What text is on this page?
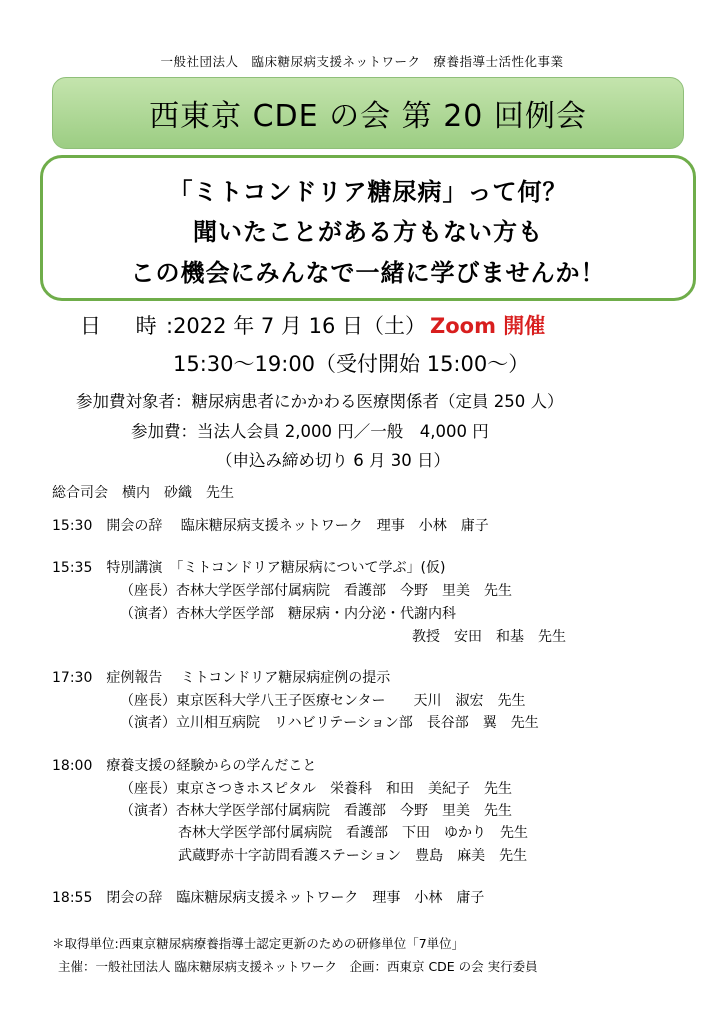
一般社団法人　臨床糖尿病支援ネットワーク　療養指導士活性化事業
西東京 CDE の会 第 20 回例会
「ミトコンドリア糖尿病」って何？
聞いたことがある方もない方も
この機会にみんなで一緒に学びませんか！
日 時
:2022 年 7 月 16 日（土） Zoom 開催
15:30～19:00（受付開始 15:00～）
参加費対象者：糖尿病患者にかかわる医療関係者（定員 250 人）
参加費：当法人会員 2,000 円／一般　4,000 円
（申込み締め切り 6 月 30 日）
総合司会　横内　砂織　先生
15:30　開会の辞　 臨床糖尿病支援ネットワーク　理事　小林　庸子
15:35　特別講演　「ミトコンドリア糖尿病について学ぶ」(仮)
（座長）杏林大学医学部付属病院　看護部　今野　里美　先生
（演者）杏林大学医学部　糖尿病・内分泌・代謝内科
教授　安田　和基　先生
17:30　症例報告　 ミトコンドリア糖尿病症例の提示
（座長）東京医科大学八王子医療センター　　天川　淑宏　先生
（演者）立川相互病院　リハビリテーション部　長谷部　翼　先生
18:00　療養支援の経験からの学んだこと
（座長）東京さつきホスピタル　栄養科　和田　美紀子　先生
（演者）杏林大学医学部付属病院　看護部　今野　里美　先生
杏林大学医学部付属病院　看護部　下田　ゆかり　先生
武蔵野赤十字訪問看護ステーション　豊島　麻美　先生
18:55　閉会の辞　臨床糖尿病支援ネットワーク　理事　小林　庸子
＊取得単位:西東京糖尿病療養指導士認定更新のための研修単位「7単位」
主催：一般社団法人 臨床糖尿病支援ネットワーク　企画：西東京 CDE の会 実行委員
